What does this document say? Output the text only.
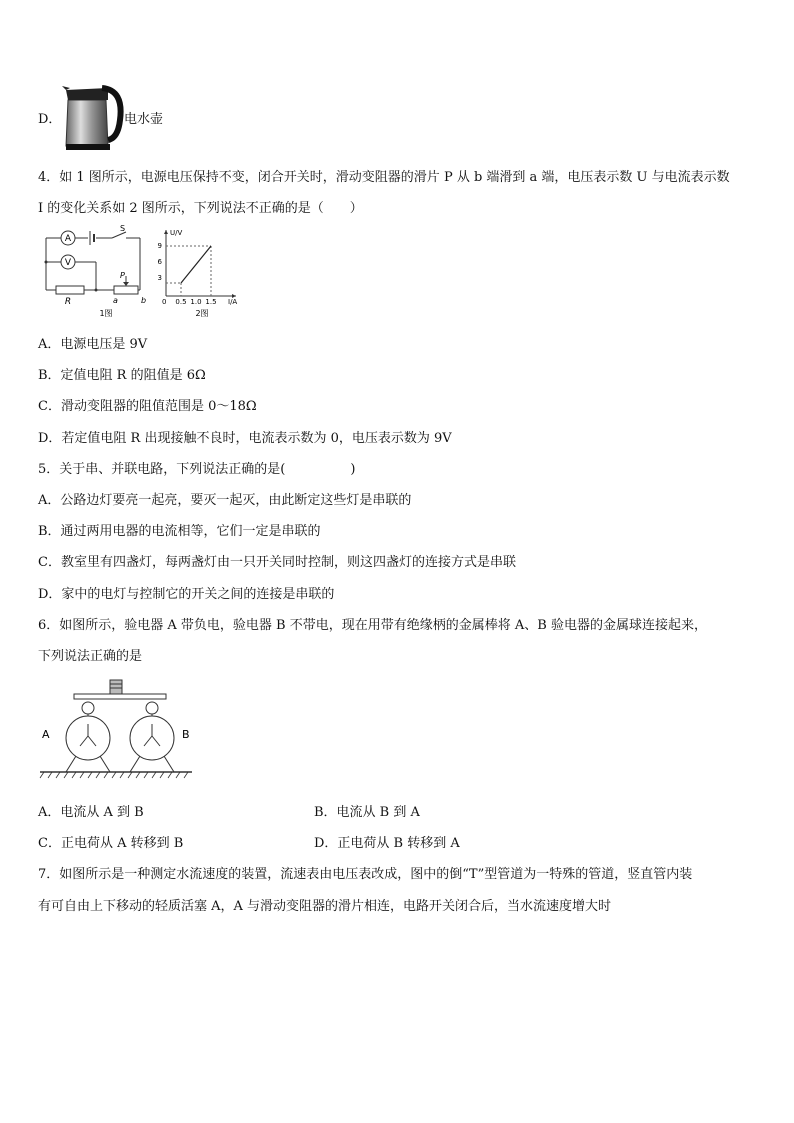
D．	电水壶
4．如 1 图所示，电源电压保持不变，闭合开关时，滑动变阻器的滑片 P 从 b 端滑到 a 端，电压表示数 U 与电流表示数
I 的变化关系如 2 图所示，下列说法不正确的是（　　）
A
S
V
R
P
a	b
1图
U/V
I/A
0
9
6
3
0.5 1.0 1.5
2图
A．电源电压是 9V
B．定值电阻 R 的阻值是 6Ω
C．滑动变阻器的阻值范围是 0～18Ω
D．若定值电阻 R 出现接触不良时，电流表示数为 0，电压表示数为 9V
5．关于串、并联电路，下列说法正确的是(　　　　　)
A．公路边灯要亮一起亮，要灭一起灭，由此断定这些灯是串联的
B．通过两用电器的电流相等，它们一定是串联的
C．教室里有四盏灯，每两盏灯由一只开关同时控制，则这四盏灯的连接方式是串联
D．家中的电灯与控制它的开关之间的连接是串联的
6．如图所示，验电器 A 带负电，验电器 B 不带电，现在用带有绝缘柄的金属棒将 A、B 验电器的金属球连接起来，
下列说法正确的是
A	B
A．电流从 A 到 B	B．电流从 B 到 A
C．正电荷从 A 转移到 B	D．正电荷从 B 转移到 A
7．如图所示是一种测定水流速度的装置，流速表由电压表改成，图中的倒“T”型管道为一特殊的管道，竖直管内装
有可自由上下移动的轻质活塞 A，A 与滑动变阻器的滑片相连，电路开关闭合后，当水流速度增大时
